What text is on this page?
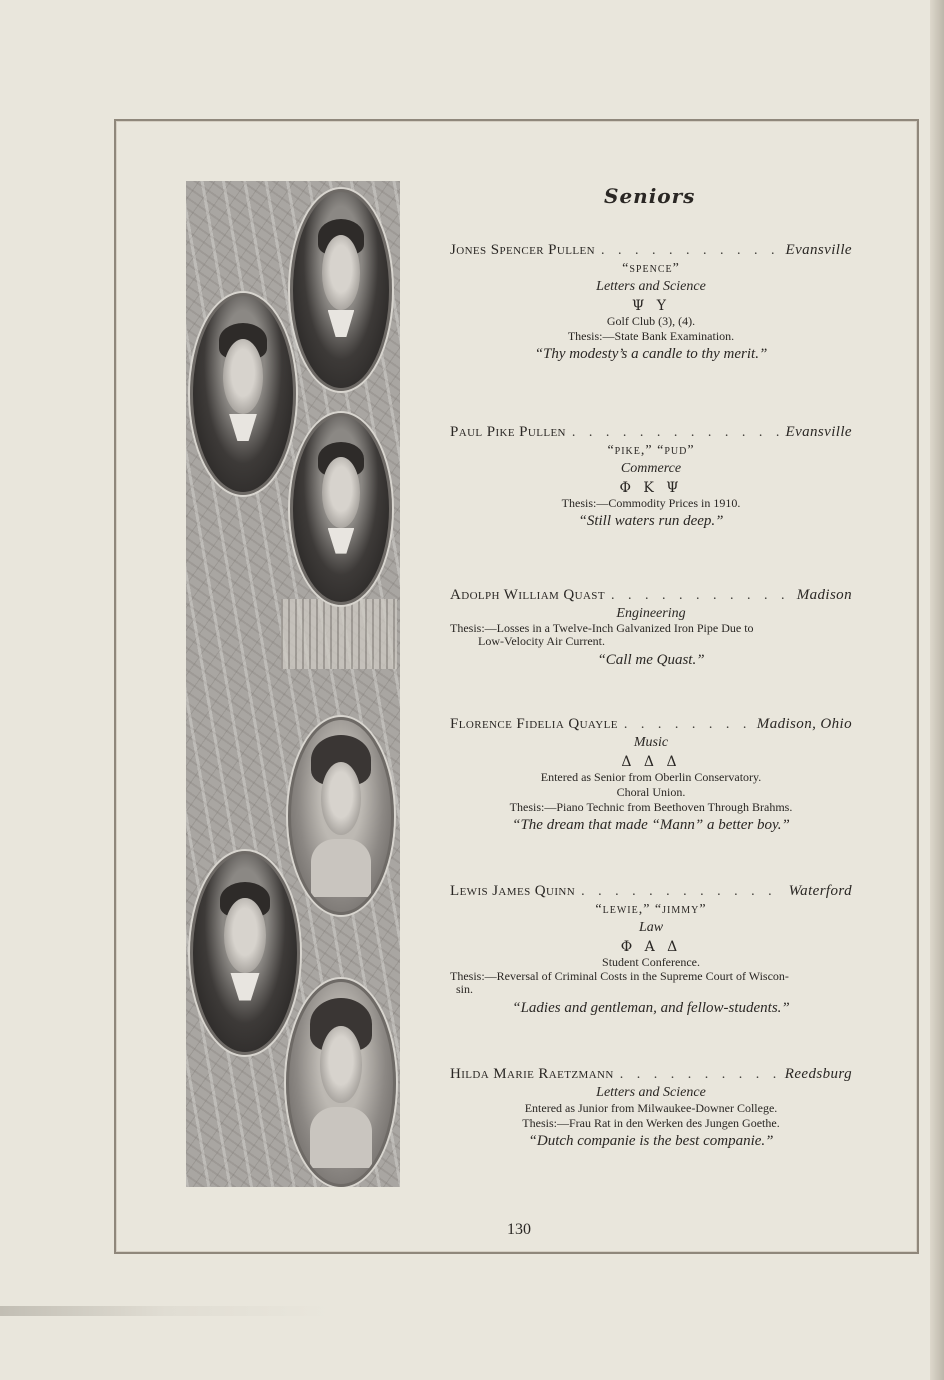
Seniors
Jones Spencer Pullen . . .	Evansville
“spence”
Letters and Science
Ψ Υ
Golf Club (3), (4).
Thesis:—State Bank Examination.
“Thy modesty’s a candle to thy merit.”
Paul Pike Pullen . . .	Evansville
“pike,” “pud”
Commerce
Φ Κ Ψ
Thesis:—Commodity Prices in 1910.
“Still waters run deep.”
Adolph William Quast . . .	Madison
Engineering
Thesis:—Losses in a Twelve-Inch Galvanized Iron Pipe Due to
Low-Velocity Air Current.
“Call me Quast.”
Florence Fidelia Quayle . . .	Madison, Ohio
Music
Δ Δ Δ
Entered as Senior from Oberlin Conservatory.
Choral Union.
Thesis:—Piano Technic from Beethoven Through Brahms.
“The dream that made “Mann” a better boy.”
Lewis James Quinn . . .	Waterford
“lewie,” “jimmy”
Law
Φ Α Δ
Student Conference.
Thesis:—Reversal of Criminal Costs in the Supreme Court of Wiscon-
sin.
“Ladies and gentleman, and fellow-students.”
Hilda Marie Raetzmann . . .	Reedsburg
Letters and Science
Entered as Junior from Milwaukee-Downer College.
Thesis:—Frau Rat in den Werken des Jungen Goethe.
“Dutch companie is the best companie.”
130
